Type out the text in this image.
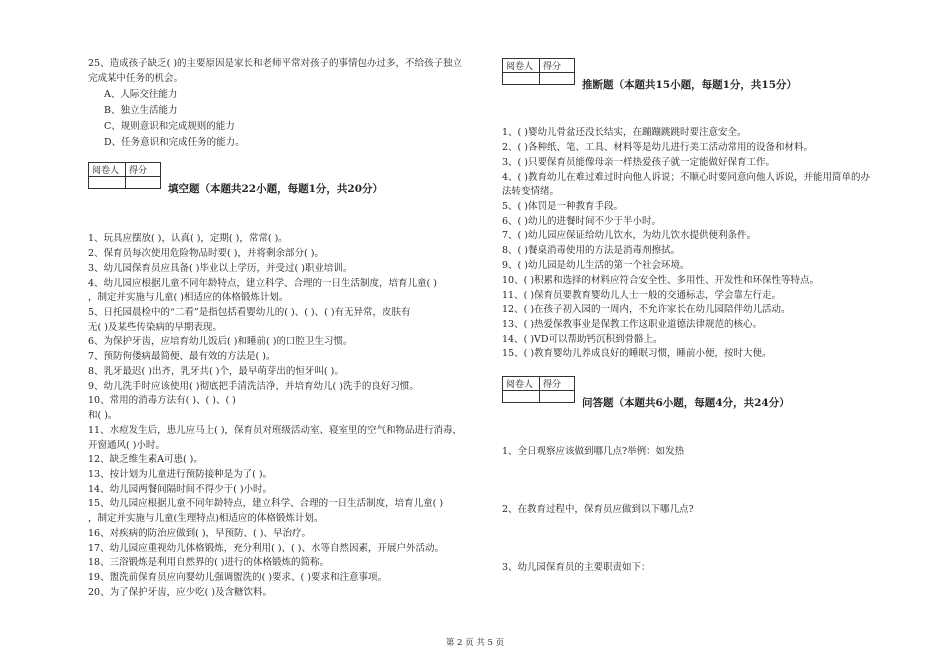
25、造成孩子缺乏( )的主要原因是家长和老师平常对孩子的事情包办过多，不给孩子独立
完成某中任务的机会。
A、人际交往能力
B、独立生活能力
C、规则意识和完成规则的能力
D、任务意识和完成任务的能力。
阅卷人	得分

填空题（本题共22小题，每题1分，共20分）
1、玩具应摆放( )，认真( )，定期( )，常常( )。
2、保育员每次使用危险物品时要( )，并将剩余部分( )。
3、幼儿园保育员应具备( )毕业以上学历，并受过( )职业培训。
4、幼儿园应根据儿童不同年龄特点，建立科学、合理的一日生活制度，培育儿童( )
，制定并实施与儿童( )相适应的体格锻炼计划。
5、日托园晨检中的“二看”是指包括看婴幼儿的( )、( )、( )有无异常，皮肤有
无( )及某些传染病的早期表现。
6、为保护牙齿，应培育幼儿饭后( )和睡前( )的口腔卫生习惯。
7、预防佝偻病最简便、最有效的方法是( )。
8、乳牙最迟( )出齐，乳牙共( )个，最早萌芽出的恒牙叫( )。
9、幼儿洗手时应该使用( )彻底把手清洗洁净，并培育幼儿( )洗手的良好习惯。
10、常用的消毒方法有( )、( )、( )
和( )。
11、水痘发生后，患儿应马上( )，保育员对班级活动室、寝室里的空气和物品进行消毒，
开窗通风( )小时。
12、缺乏维生素A可患( )。
13、按计划为儿童进行预防接种是为了( )。
14、幼儿园两餐间隔时间不得少于( )小时。
15、幼儿园应根据儿童不同年龄特点，建立科学、合理的一日生活制度，培育儿童( )
，制定并实施与儿童(生理特点)相适应的体格锻炼计划。
16、对疾病的防治应做到( )，早预防、( )、早治疗。
17、幼儿园应重视幼儿体格锻炼，充分利用( )、( )、水等自然因素，开展户外活动。
18、三浴锻炼是利用自然界的( )进行的体格锻炼的简称。
19、盥洗前保育员应向婴幼儿强调盥洗的( )要求、( )要求和注意事项。
20、为了保护牙齿，应少吃( )及含糖饮料。
阅卷人	得分

推断题（本题共15小题，每题1分，共15分）
1、( )婴幼儿骨盆还没长结实，在蹦蹦跳跳时要注意安全。
2、( )各种纸、笔、工具、材料等是幼儿进行美工活动常用的设备和材料。
3、( )只要保育员能像母亲一样热爱孩子就一定能做好保育工作。
4、( )教育幼儿在难过难过时向他人诉说；不顺心时要同意向他人诉说，并能用简单的办
法转变情绪。
5、( )体罚是一种教育手段。
6、( )幼儿的进餐时间不少于半小时。
7、( )幼儿园应保证给幼儿饮水，为幼儿饮水提供便利条件。
8、( )餐桌消毒使用的方法是消毒剂擦拭。
9、( )幼儿园是幼儿生活的第一个社会环境。
10、( )积累和选择的材料应符合安全性、多用性、开发性和环保性等特点。
11、( )保育员要教育婴幼儿人士一般的交通标志，学会靠左行走。
12、( )在孩子初入园的一周内，不允许家长在幼儿园陪伴幼儿活动。
13、( )热爱保教事业是保教工作这职业道德法律规范的核心。
14、( )VD可以帮助钙沉积到骨骼上。
15、( )教育婴幼儿养成良好的睡眠习惯，睡前小便，按时大便。
阅卷人	得分

问答题（本题共6小题，每题4分，共24分）
1、全日观察应该做到哪几点?举例：如发热
2、在教育过程中，保育员应做到以下哪几点?
3、幼儿园保育员的主要职责如下：
第 2 页 共 5 页
